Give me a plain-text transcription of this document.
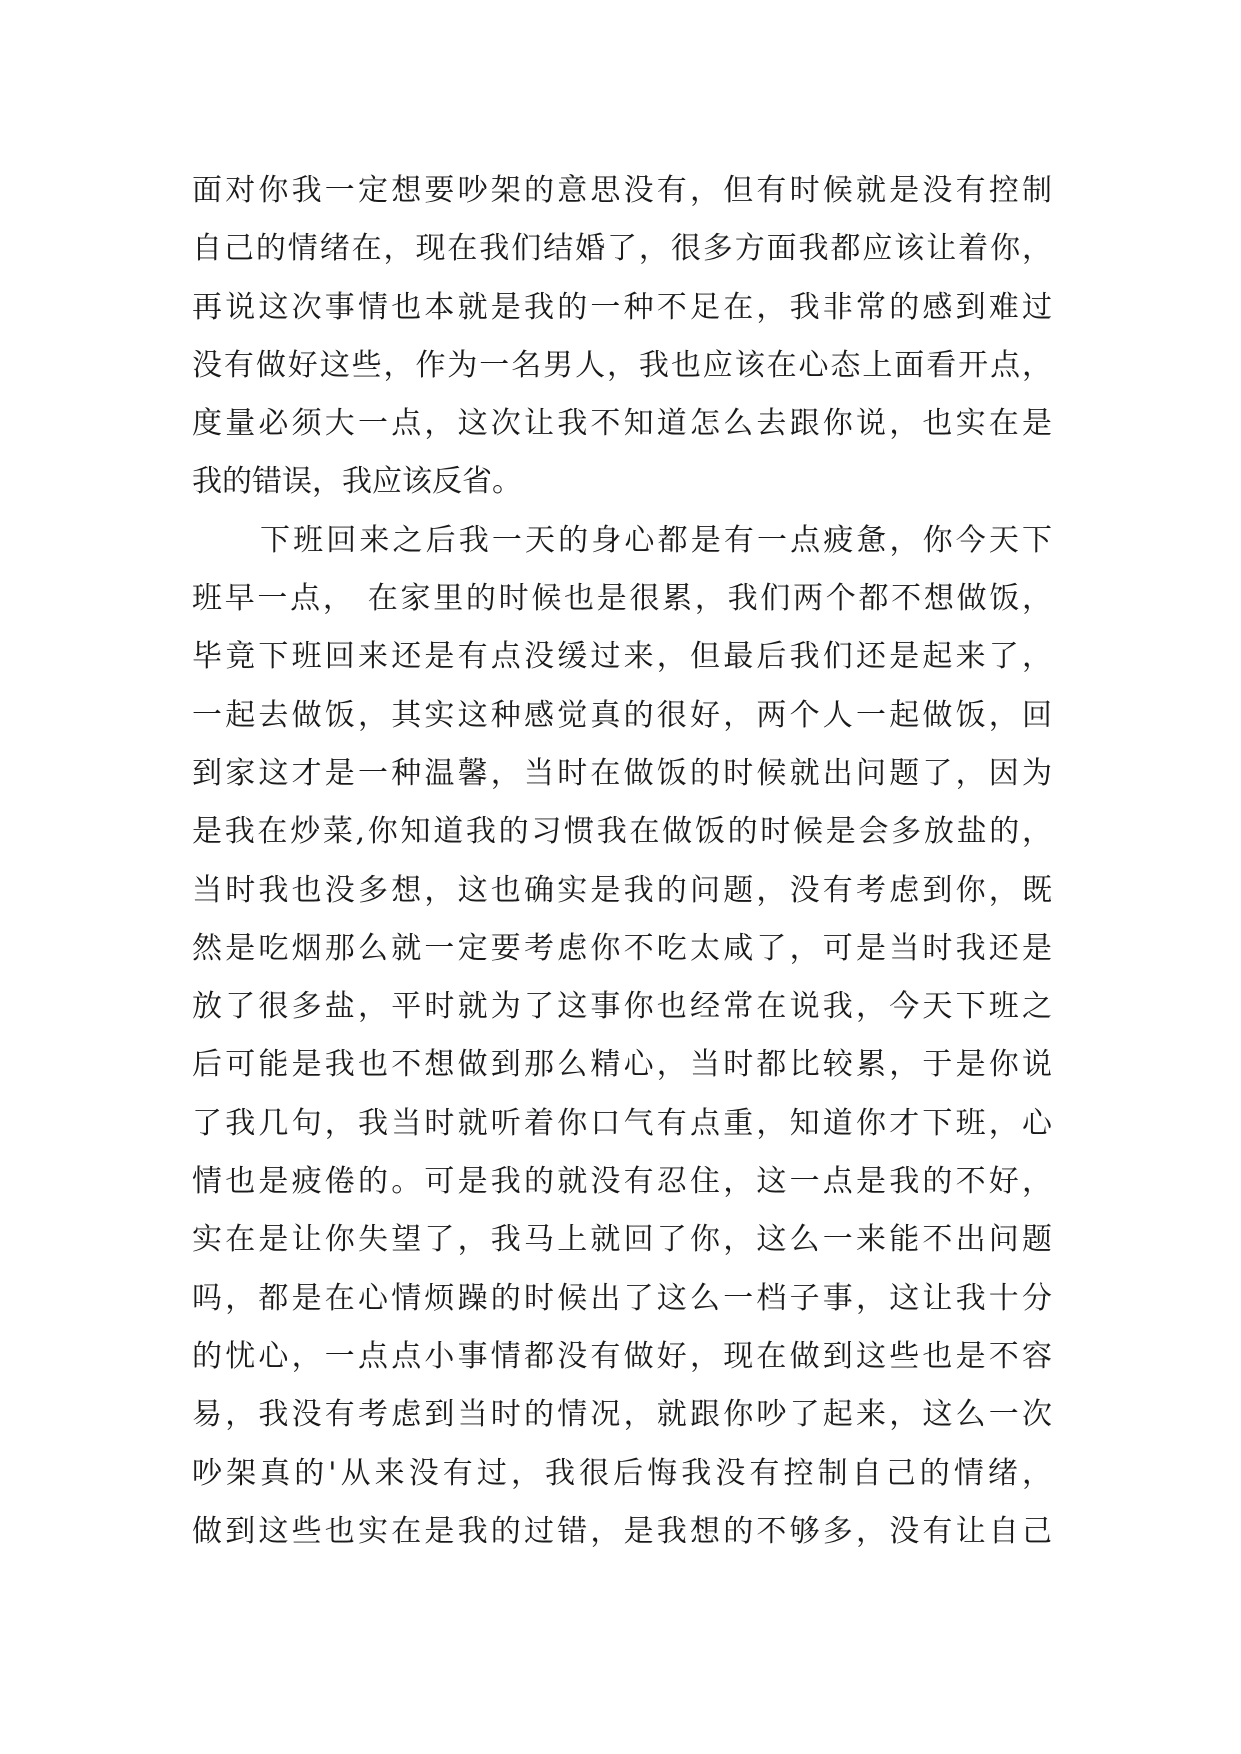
面对你我一定想要吵架的意思没有，但有时候就是没有控制
自己的情绪在，现在我们结婚了，很多方面我都应该让着你，
再说这次事情也本就是我的一种不足在，我非常的感到难过
没有做好这些，作为一名男人，我也应该在心态上面看开点，
度量必须大一点，这次让我不知道怎么去跟你说，也实在是
我的错误，我应该反省。
下班回来之后我一天的身心都是有一点疲惫，你今天下
班早一点， 在家里的时候也是很累，我们两个都不想做饭，
毕竟下班回来还是有点没缓过来，但最后我们还是起来了，
一起去做饭，其实这种感觉真的很好，两个人一起做饭，回
到家这才是一种温馨，当时在做饭的时候就出问题了，因为
是我在炒菜,你知道我的习惯我在做饭的时候是会多放盐的，
当时我也没多想，这也确实是我的问题，没有考虑到你，既
然是吃烟那么就一定要考虑你不吃太咸了，可是当时我还是
放了很多盐，平时就为了这事你也经常在说我，今天下班之
后可能是我也不想做到那么精心，当时都比较累，于是你说
了我几句，我当时就听着你口气有点重，知道你才下班，心
情也是疲倦的。可是我的就没有忍住，这一点是我的不好，
实在是让你失望了，我马上就回了你，这么一来能不出问题
吗，都是在心情烦躁的时候出了这么一档子事，这让我十分
的忧心，一点点小事情都没有做好，现在做到这些也是不容
易，我没有考虑到当时的情况，就跟你吵了起来，这么一次
吵架真的'从来没有过，我很后悔我没有控制自己的情绪，
做到这些也实在是我的过错，是我想的不够多，没有让自己
